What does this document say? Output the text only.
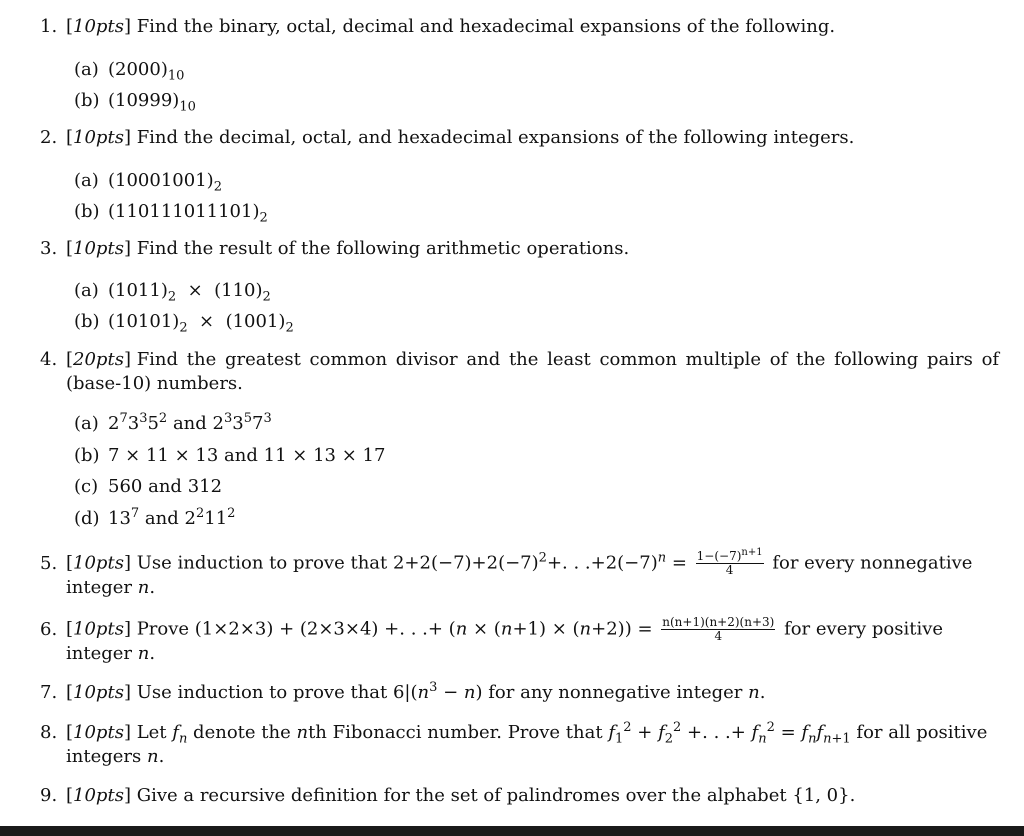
1. [10pts] Find the binary, octal, decimal and hexadecimal expansions of the following.
(a) $(2000)_{10}$
(b) $(10999)_{10}$
2. [10pts] Find the decimal, octal, and hexadecimal expansions of the following integers.
(a) $(10001001)_2$
(b) $(110111011101)_2$
3. [10pts] Find the result of the following arithmetic operations.
(a) $(1011)_2 \times (110)_2$
(b) $(10101)_2 \times (1001)_2$
4. [20pts] Find the greatest common divisor and the least common multiple of the following pairs of
(base-10) numbers.
(a) $2^73^35^2$ and $2^33^57^3$
(b) 7 × 11 × 13 and 11 × 13 × 17
(c) 560 and 312
(d) $13^7$ and $2^211^2$
5. [10pts] Use induction to prove that $2+2(-7)+2(-7)^2+$. . $.+2(-7)^n = \frac{1-(-7)^{n+1}}{4}$ for every nonnegative
integer n.
6. [10pts] Prove (1×2×3) + (2×3×4) +. . .+ $(n \times (n+1) \times (n+2)) = \frac{n(n+1)(n+2)(n+3)}{4}$ for every positive
integer n.
7. [10pts] Use induction to prove that $6|(n^3 - n)$ for any nonnegative integer n.
8. [10pts] Let $f_n$ denote the nth Fibonacci number. Prove that $f_1^2 + f_2^2$ +. . .+ $f_n^2 = f_nf_{n+1}$ for all positive
integers n.
9. [10pts] Give a recursive definition for the set of palindromes over the alphabet {1, 0}.
